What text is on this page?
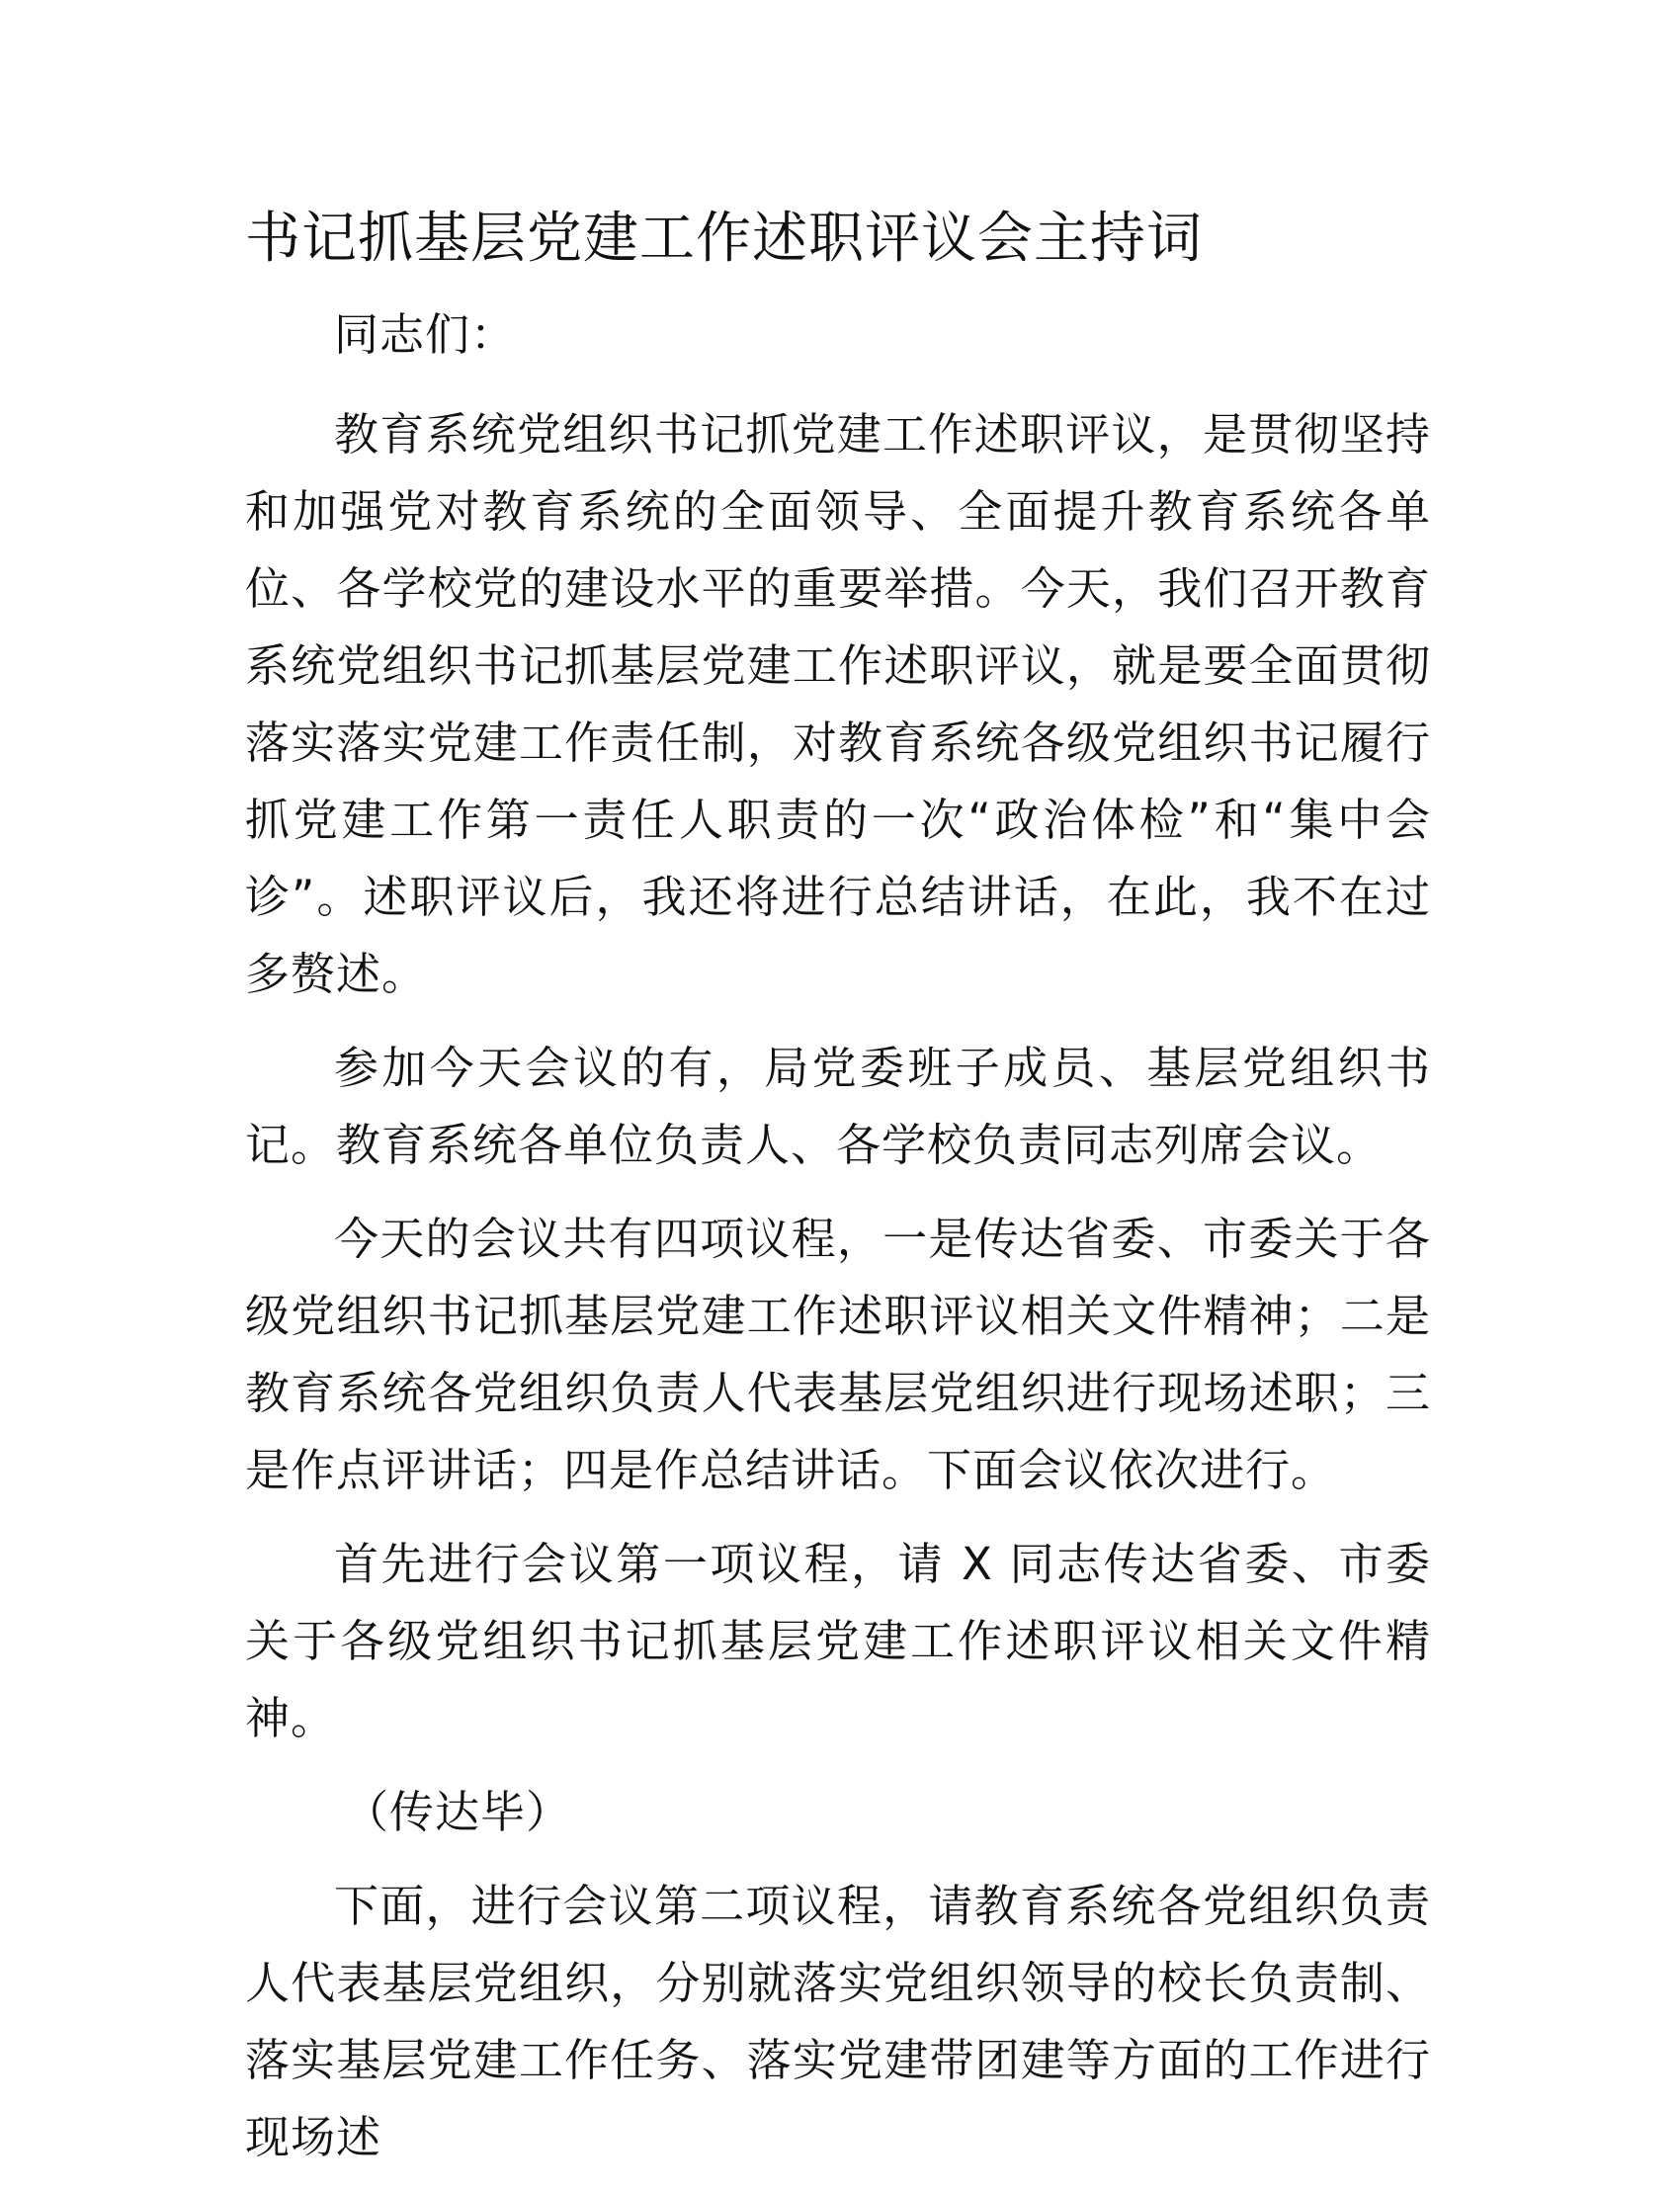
书记抓基层党建工作述职评议会主持词

同志们：

教育系统党组织书记抓党建工作述职评议，是贯彻坚持和加强党对教育系统的全面领导、全面提升教育系统各单位、各学校党的建设水平的重要举措。今天，我们召开教育系统党组织书记抓基层党建工作述职评议，就是要全面贯彻落实落实党建工作责任制，对教育系统各级党组织书记履行抓党建工作第一责任人职责的一次“政治体检”和“集中会诊”。述职评议后，我还将进行总结讲话，在此，我不在过多赘述。

参加今天会议的有，局党委班子成员、基层党组织书记。教育系统各单位负责人、各学校负责同志列席会议。

今天的会议共有四项议程，一是传达省委、市委关于各级党组织书记抓基层党建工作述职评议相关文件精神；二是教育系统各党组织负责人代表基层党组织进行现场述职；三是作点评讲话；四是作总结讲话。下面会议依次进行。

首先进行会议第一项议程，请 X 同志传达省委、市委关于各级党组织书记抓基层党建工作述职评议相关文件精神。

（传达毕）

下面，进行会议第二项议程，请教育系统各党组织负责人代表基层党组织，分别就落实党组织领导的校长负责制、落实基层党建工作任务、落实党建带团建等方面的工作进行现场述
